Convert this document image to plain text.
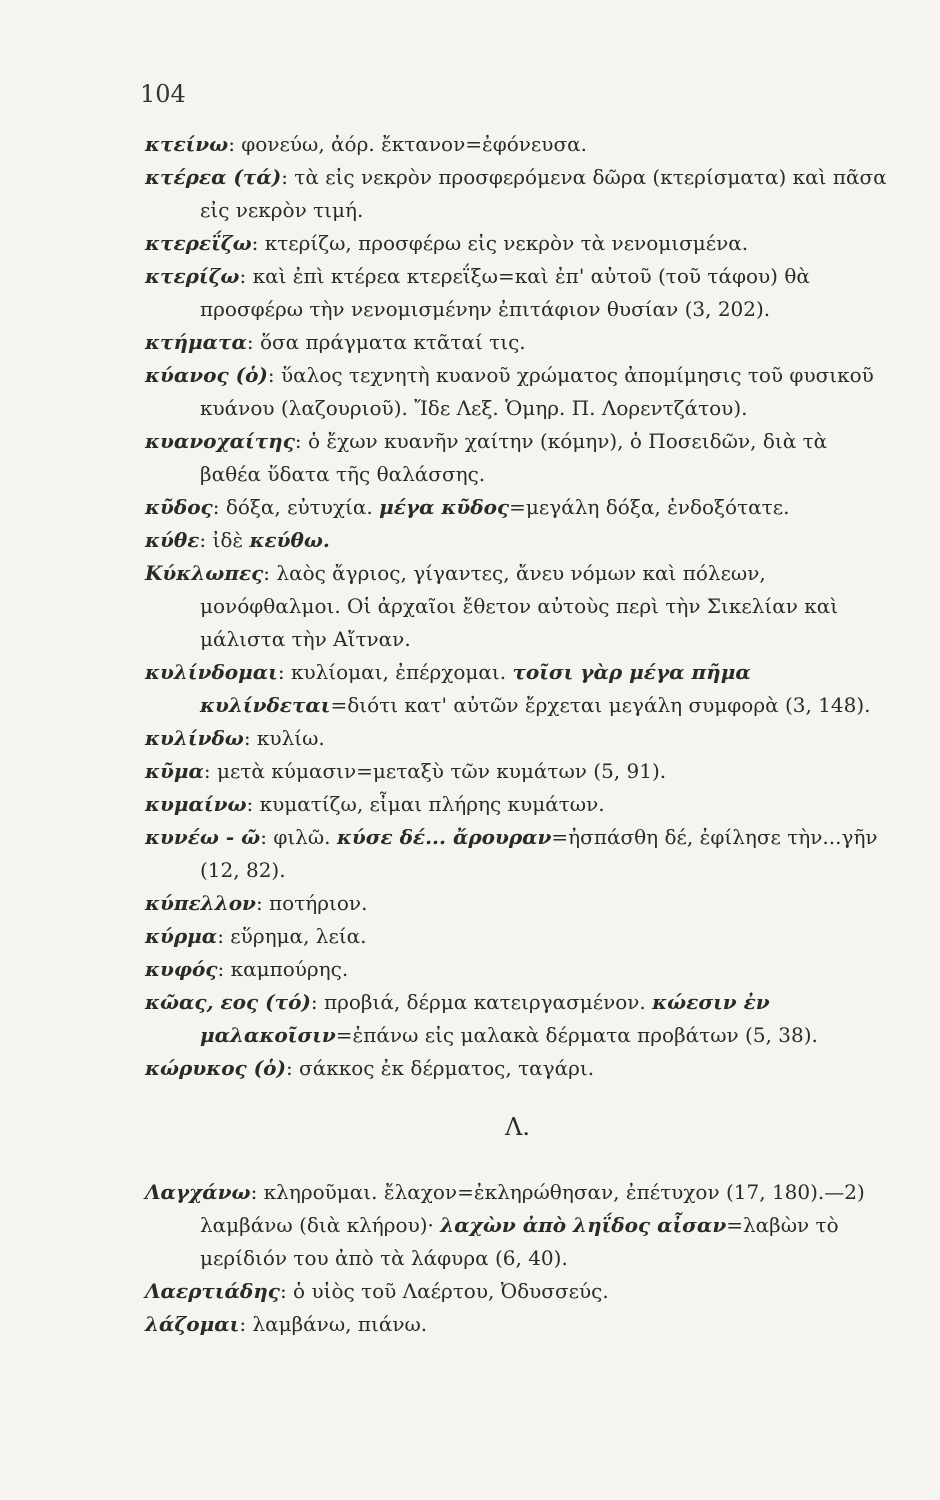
104

κτείνω: φονεύω, ἀόρ. ἔκτανον=ἐφόνευσα.

κτέρεα (τά): τὰ εἰς νεκρὸν προσφερόμενα δῶρα (κτερίσματα) καὶ πᾶσα εἰς νεκρὸν τιμή.

κτερεΐζω: κτερίζω, προσφέρω εἰς νεκρὸν τὰ νενομισμένα.

κτερίζω: καὶ ἐπὶ κτέρεα κτερεΐξω=καὶ ἐπ' αὐτοῦ (τοῦ τάφου) θὰ προσφέρω τὴν νενομισμένην ἐπιτάφιον θυσίαν (3, 202).

κτήματα: ὅσα πράγματα κτᾶταί τις.

κύανος (ὁ): ὕαλος τεχνητὴ κυανοῦ χρώματος ἀπομίμησις τοῦ φυσικοῦ κυάνου (λαζουριοῦ). Ἴδε Λεξ. Ὁμηρ. Π. Λορεντζάτου).

κυανοχαίτης: ὁ ἔχων κυανῆν χαίτην (κόμην), ὁ Ποσειδῶν, διὰ τὰ βαθέα ὕδατα τῆς θαλάσσης.

κῦδος: δόξα, εὐτυχία. μέγα κῦδος=μεγάλη δόξα, ἐνδοξότατε.

κύθε: ἰδὲ κεύθω.

Κύκλωπες: λαὸς ἄγριος, γίγαντες, ἄνευ νόμων καὶ πόλεων, μονόφθαλμοι. Οἱ ἀρχαῖοι ἔθετον αὐτοὺς περὶ τὴν Σικελίαν καὶ μάλιστα τὴν Αἴτναν.

κυλίνδομαι: κυλίομαι, ἐπέρχομαι. τοῖσι γὰρ μέγα πῆμα κυλίνδεται=διότι κατ' αὐτῶν ἔρχεται μεγάλη συμφορὰ (3, 148).

κυλίνδω: κυλίω.

κῦμα: μετὰ κύμασιν=μεταξὺ τῶν κυμάτων (5, 91).

κυμαίνω: κυματίζω, εἶμαι πλήρης κυμάτων.

κυνέω - ῶ: φιλῶ. κύσε δέ... ἄρουραν=ἠσπάσθη δέ, ἐφίλησε τὴν...γῆν (12, 82).

κύπελλον: ποτήριον.

κύρμα: εὕρημα, λεία.

κυφός: καμπούρης.

κῶας, εος (τό): προβιά, δέρμα κατειργασμένον. κώεσιν ἐν μαλακοῖσιν=ἐπάνω εἰς μαλακὰ δέρματα προβάτων (5, 38).

κώρυκος (ὁ): σάκκος ἐκ δέρματος, ταγάρι.

Λ.

Λαγχάνω: κληροῦμαι. ἔλαχον=ἐκληρώθησαν, ἐπέτυχον (17, 180).—2) λαμβάνω (διὰ κλήρου)· λαχὼν ἀπὸ ληΐδος αἶσαν=λαβὼν τὸ μερίδιόν του ἀπὸ τὰ λάφυρα (6, 40).

Λαερτιάδης: ὁ υἱὸς τοῦ Λαέρτου, Ὀδυσσεύς.

λάζομαι: λαμβάνω, πιάνω.
